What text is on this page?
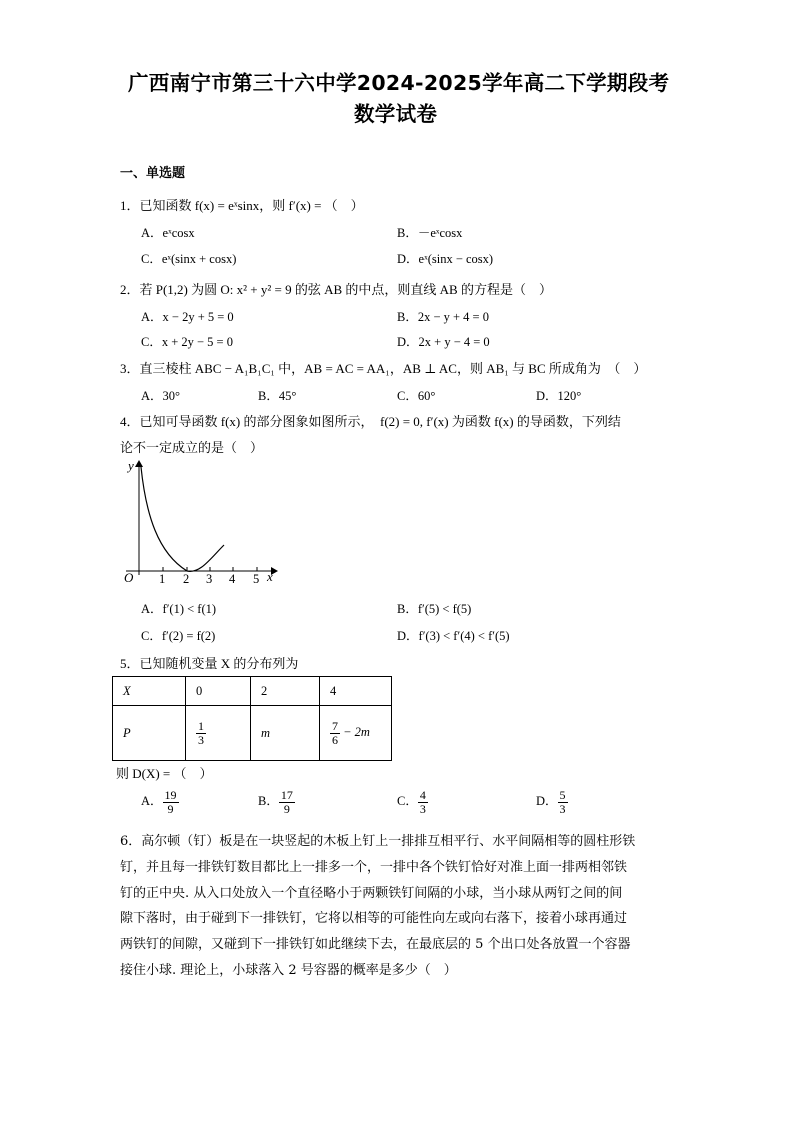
广西南宁市第三十六中学2024-2025学年高二下学期段考
数学试卷
一、单选题
1．已知函数 f(x) = eˣsinx，则 f′(x) = （　）
A．eˣcosx	B．－eˣcosx
C．eˣ(sinx + cosx)	D．eˣ(sinx − cosx)
2．若 P(1,2) 为圆 O: x² + y² = 9 的弦 AB 的中点，则直线 AB 的方程是（　）
A．x − 2y + 5 = 0	B．2x − y + 4 = 0
C．x + 2y − 5 = 0	D．2x + y − 4 = 0
3．直三棱柱 ABC − A₁B₁C₁ 中，AB = AC = AA₁，AB ⊥ AC，则 AB₁ 与 BC 所成角为　（　）
A．30°	B．45°	C．60°	D．120°
4．已知可导函数 f(x) 的部分图象如图所示，　f(2) = 0, f′(x) 为函数 f(x) 的导函数，下列结
论不一定成立的是（　）
y
x
O 1 2 3 4 5
A．f′(1) < f(1)	B．f′(5) < f(5)
C．f′(2) = f(2)	D．f′(3) < f′(4) < f′(5)
5．已知随机变量 X 的分布列为
X	0	2	4
P	$\frac{1}{3}$	m	$\frac{7}{6} - 2m$
则 D(X) = （　）
A． $\frac{19}{9}$	B． $\frac{17}{9}$	C． $\frac{4}{3}$	D． $\frac{5}{3}$
6．高尔顿（钉）板是在一块竖起的木板上钉上一排排互相平行、水平间隔相等的圆柱形铁
钉，并且每一排铁钉数目都比上一排多一个，一排中各个铁钉恰好对准上面一排两相邻铁
钉的正中央. 从入口处放入一个直径略小于两颗铁钉间隔的小球，当小球从两钉之间的间
隙下落时，由于碰到下一排铁钉，它将以相等的可能性向左或向右落下，接着小球再通过
两铁钉的间隙，又碰到下一排铁钉如此继续下去，在最底层的 5 个出口处各放置一个容器
接住小球. 理论上，小球落入 2 号容器的概率是多少（　）
